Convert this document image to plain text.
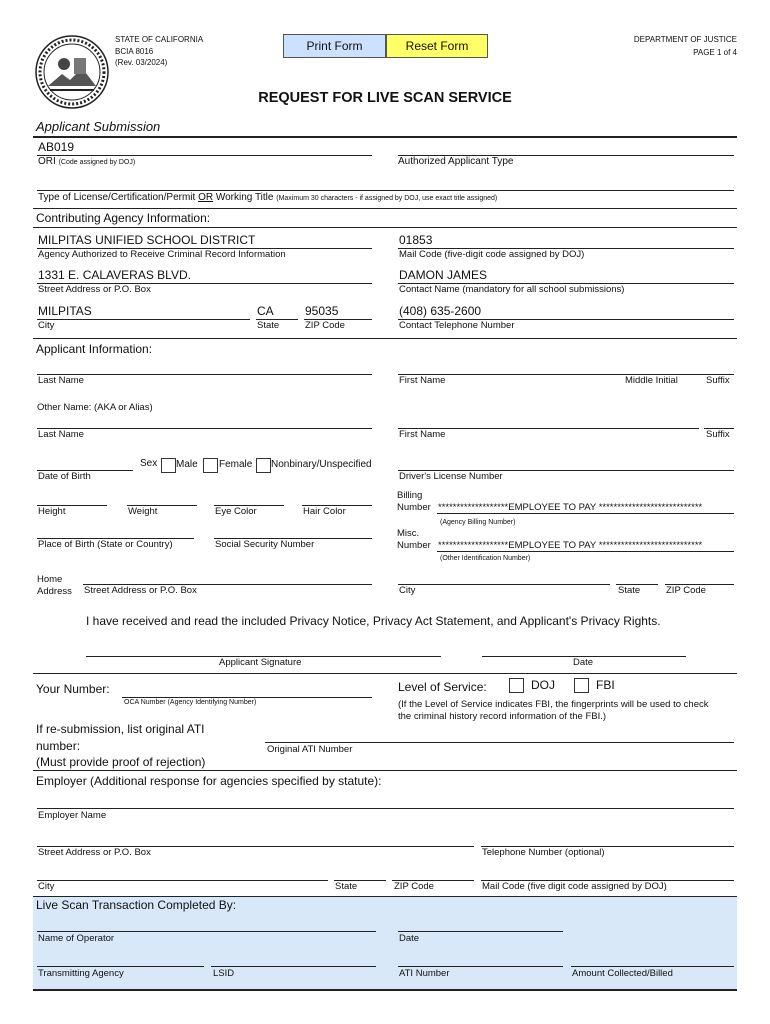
STATE OF CALIFORNIA
BCIA 8016
(Rev. 03/2024)
DEPARTMENT OF JUSTICE
PAGE 1 of 4
Print Form	Reset Form
REQUEST FOR LIVE SCAN SERVICE
Applicant Submission
AB019
ORI (Code assigned by DOJ)	Authorized Applicant Type
Type of License/Certification/Permit OR Working Title (Maximum 30 characters - if assigned by DOJ, use exact title assigned)
Contributing Agency Information:
MILPITAS UNIFIED SCHOOL DISTRICT
Agency Authorized to Receive Criminal Record Information
01853
Mail Code (five-digit code assigned by DOJ)
1331 E. CALAVERAS BLVD.
Street Address or P.O. Box
DAMON JAMES
Contact Name (mandatory for all school submissions)
MILPITAS
City
CA
State
95035
ZIP Code
(408) 635-2600
Contact Telephone Number
Applicant Information:
Last Name	First Name	Middle Initial	Suffix
Other Name: (AKA or Alias)
Last Name	First Name	Suffix
Date of Birth
Sex Male Female Nonbinary/Unspecified
Driver's License Number
Height	Weight	Eye Color	Hair Color
Billing
Number *******************EMPLOYEE TO PAY ****************************
(Agency Billing Number)
Place of Birth (State or Country)	Social Security Number
Misc.
Number *******************EMPLOYEE TO PAY ****************************
(Other Identification Number)
Home
Address Street Address or P.O. Box	City	State	ZIP Code
I have received and read the included Privacy Notice, Privacy Act Statement, and Applicant's Privacy Rights.
Applicant Signature	Date
Your Number:
OCA Number (Agency Identifying Number)
Level of Service:	DOJ	FBI
(If the Level of Service indicates FBI, the fingerprints will be used to check
the criminal history record information of the FBI.)
If re-submission, list original ATI
number:
(Must provide proof of rejection)
Original ATI Number
Employer (Additional response for agencies specified by statute):
Employer Name
Street Address or P.O. Box	Telephone Number (optional)
City	State	ZIP Code	Mail Code (five digit code assigned by DOJ)
Live Scan Transaction Completed By:
Name of Operator	Date
Transmitting Agency	LSID	ATI Number	Amount Collected/Billed
